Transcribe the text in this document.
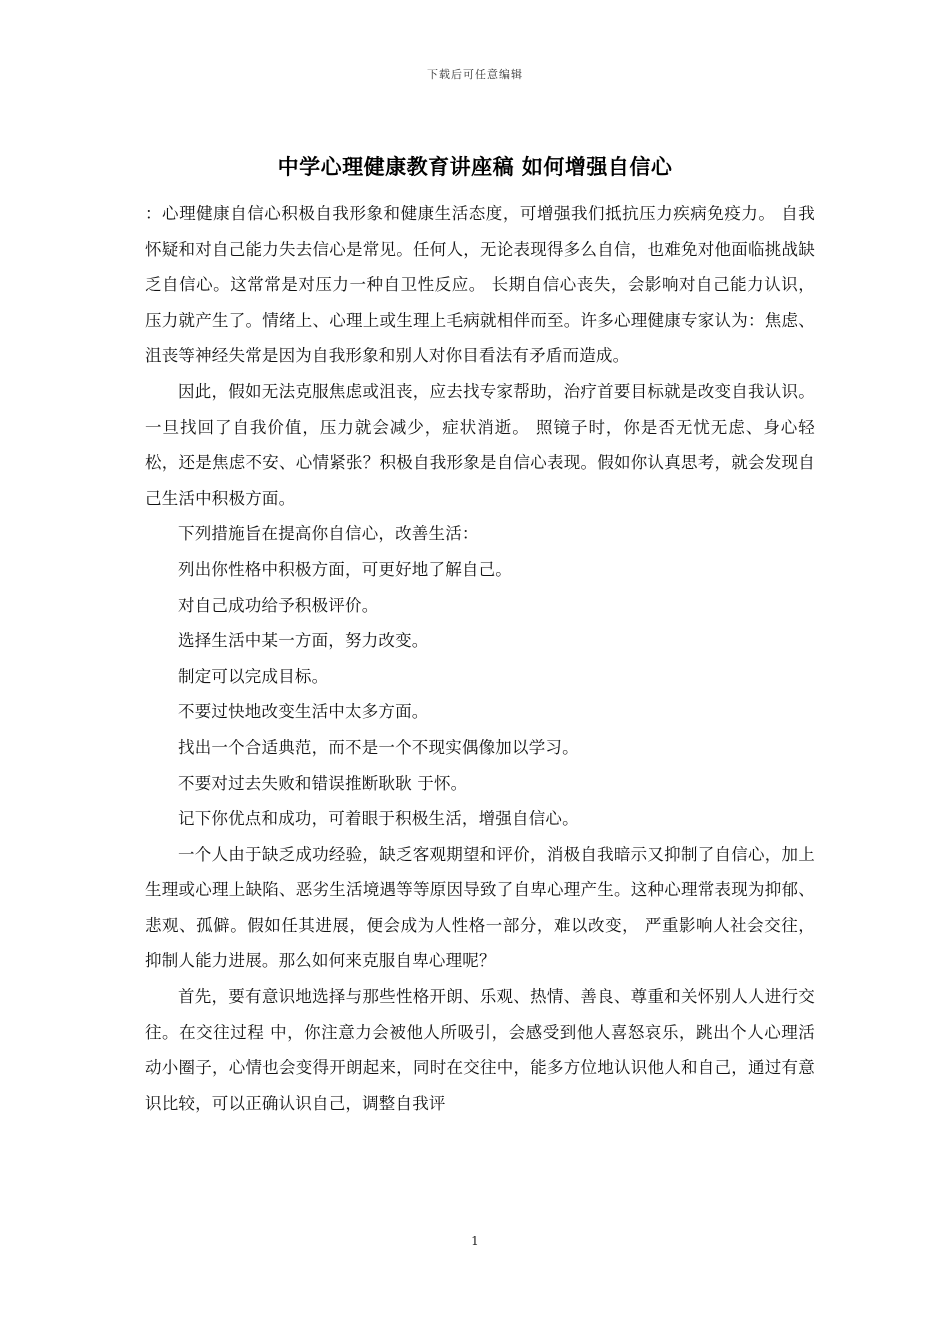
下载后可任意编辑
中学心理健康教育讲座稿 如何增强自信心

：心理健康自信心积极自我形象和健康生活态度，可增强我们抵抗压力疾病免疫力。 自我怀疑和对自己能力失去信心是常见。任何人，无论表现得多么自信，也难免对他面临挑战缺乏自信心。这常常是对压力一种自卫性反应。 长期自信心丧失，会影响对自己能力认识，压力就产生了。情绪上、心理上或生理上毛病就相伴而至。许多心理健康专家认为：焦虑、沮丧等神经失常是因为自我形象和别人对你目看法有矛盾而造成。

因此，假如无法克服焦虑或沮丧，应去找专家帮助，治疗首要目标就是改变自我认识。一旦找回了自我价值，压力就会减少，症状消逝。 照镜子时，你是否无忧无虑、身心轻松，还是焦虑不安、心情紧张？积极自我形象是自信心表现。假如你认真思考，就会发现自己生活中积极方面。

下列措施旨在提高你自信心，改善生活：

列出你性格中积极方面，可更好地了解自己。

对自己成功给予积极评价。

选择生活中某一方面，努力改变。

制定可以完成目标。

不要过快地改变生活中太多方面。

找出一个合适典范，而不是一个不现实偶像加以学习。

不要对过去失败和错误推断耿耿 于怀。

记下你优点和成功，可着眼于积极生活，增强自信心。

一个人由于缺乏成功经验，缺乏客观期望和评价，消极自我暗示又抑制了自信心，加上生理或心理上缺陷、恶劣生活境遇等等原因导致了自卑心理产生。这种心理常表现为抑郁、悲观、孤僻。假如任其进展，便会成为人性格一部分，难以改变， 严重影响人社会交往，抑制人能力进展。那么如何来克服自卑心理呢？

首先，要有意识地选择与那些性格开朗、乐观、热情、善良、尊重和关怀别人人进行交往。在交往过程 中，你注意力会被他人所吸引，会感受到他人喜怒哀乐，跳出个人心理活动小圈子，心情也会变得开朗起来，同时在交往中，能多方位地认识他人和自己，通过有意识比较，可以正确认识自己，调整自我评

1
